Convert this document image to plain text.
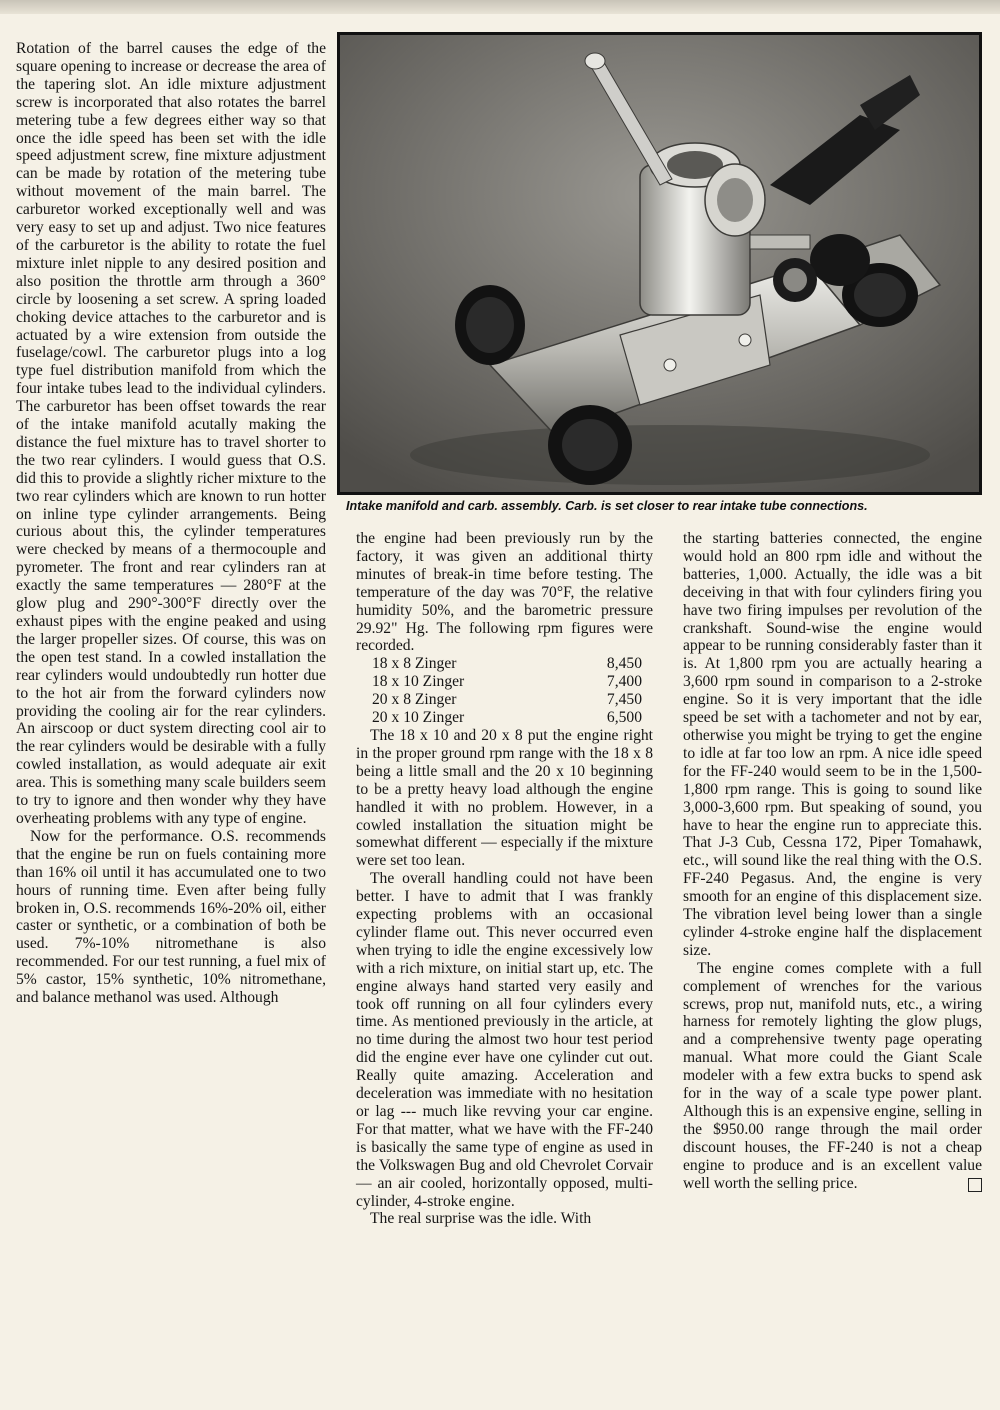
Rotation of the barrel causes the edge of the square opening to increase or decrease the area of the tapering slot. An idle mixture adjustment screw is incorporated that also rotates the barrel metering tube a few degrees either way so that once the idle speed has been set with the idle speed adjustment screw, fine mixture adjustment can be made by rotation of the metering tube without movement of the main barrel. The carburetor worked exceptionally well and was very easy to set up and adjust. Two nice features of the carburetor is the ability to rotate the fuel mixture inlet nipple to any desired position and also position the throttle arm through a 360° circle by loosening a set screw. A spring loaded choking device attaches to the carburetor and is actuated by a wire extension from outside the fuselage/cowl. The carburetor plugs into a log type fuel distribution manifold from which the four intake tubes lead to the individual cylinders. The carburetor has been offset towards the rear of the intake manifold acutally making the distance the fuel mixture has to travel shorter to the two rear cylinders. I would guess that O.S. did this to provide a slightly richer mixture to the two rear cylinders which are known to run hotter on inline type cylinder arrangements. Being curious about this, the cylinder temperatures were checked by means of a thermocouple and pyrometer. The front and rear cylinders ran at exactly the same temperatures — 280°F at the glow plug and 290°-300°F directly over the exhaust pipes with the engine peaked and using the larger propeller sizes. Of course, this was on the open test stand. In a cowled installation the rear cylinders would undoubtedly run hotter due to the hot air from the forward cylinders now providing the cooling air for the rear cylinders. An airscoop or duct system directing cool air to the rear cylinders would be desirable with a fully cowled installation, as would adequate air exit area. This is something many scale builders seem to try to ignore and then wonder why they have overheating problems with any type of engine.

Now for the performance. O.S. recommends that the engine be run on fuels containing more than 16% oil until it has accumulated one to two hours of running time. Even after being fully broken in, O.S. recommends 16%-20% oil, either caster or synthetic, or a combination of both be used. 7%-10% nitromethane is also recommended. For our test running, a fuel mix of 5% castor, 15% synthetic, 10% nitromethane, and balance methanol was used. Although

Intake manifold and carb. assembly. Carb. is set closer to rear intake tube connections.

the engine had been previously run by the factory, it was given an additional thirty minutes of break-in time before testing. The temperature of the day was 70°F, the relative humidity 50%, and the barometric pressure 29.92" Hg. The following rpm figures were recorded.

18 x 8 Zinger	8,450
18 x 10 Zinger	7,400
20 x 8 Zinger	7,450
20 x 10 Zinger	6,500

The 18 x 10 and 20 x 8 put the engine right in the proper ground rpm range with the 18 x 8 being a little small and the 20 x 10 beginning to be a pretty heavy load although the engine handled it with no problem. However, in a cowled installation the situation might be somewhat different — especially if the mixture were set too lean.

The overall handling could not have been better. I have to admit that I was frankly expecting problems with an occasional cylinder flame out. This never occurred even when trying to idle the engine excessively low with a rich mixture, on initial start up, etc. The engine always hand started very easily and took off running on all four cylinders every time. As mentioned previously in the article, at no time during the almost two hour test period did the engine ever have one cylinder cut out. Really quite amazing. Acceleration and deceleration was immediate with no hesitation or lag --- much like revving your car engine. For that matter, what we have with the FF-240 is basically the same type of engine as used in the Volkswagen Bug and old Chevrolet Corvair — an air cooled, horizontally opposed, multi-cylinder, 4-stroke engine.

The real surprise was the idle. With

the starting batteries connected, the engine would hold an 800 rpm idle and without the batteries, 1,000. Actually, the idle was a bit deceiving in that with four cylinders firing you have two firing impulses per revolution of the crankshaft. Sound-wise the engine would appear to be running considerably faster than it is. At 1,800 rpm you are actually hearing a 3,600 rpm sound in comparison to a 2-stroke engine. So it is very important that the idle speed be set with a tachometer and not by ear, otherwise you might be trying to get the engine to idle at far too low an rpm. A nice idle speed for the FF-240 would seem to be in the 1,500-1,800 rpm range. This is going to sound like 3,000-3,600 rpm. But speaking of sound, you have to hear the engine run to appreciate this. That J-3 Cub, Cessna 172, Piper Tomahawk, etc., will sound like the real thing with the O.S. FF-240 Pegasus. And, the engine is very smooth for an engine of this displacement size. The vibration level being lower than a single cylinder 4-stroke engine half the displacement size.

The engine comes complete with a full complement of wrenches for the various screws, prop nut, manifold nuts, etc., a wiring harness for remotely lighting the glow plugs, and a comprehensive twenty page operating manual. What more could the Giant Scale modeler with a few extra bucks to spend ask for in the way of a scale type power plant. Although this is an expensive engine, selling in the $950.00 range through the mail order discount houses, the FF-240 is not a cheap engine to produce and is an excellent value well worth the selling price.
